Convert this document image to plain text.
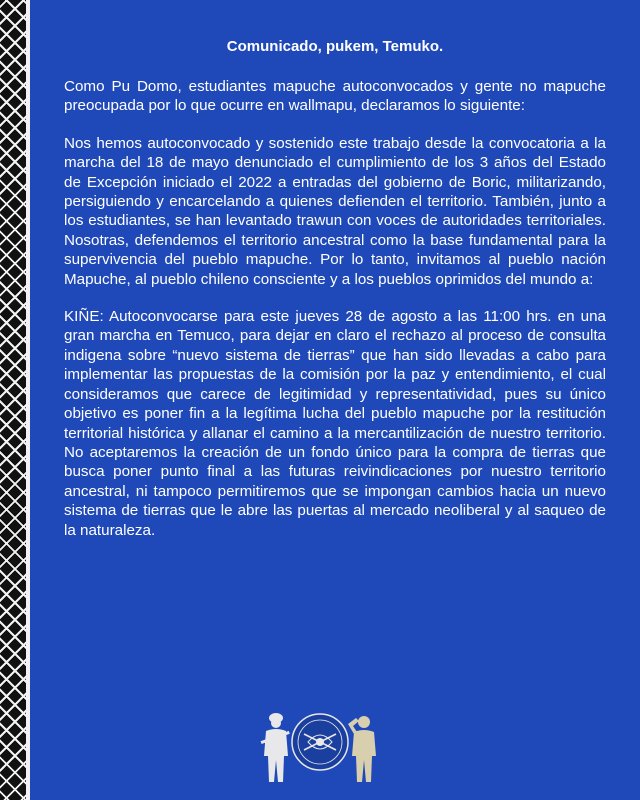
Comunicado, pukem, Temuko.

Como Pu Domo, estudiantes mapuche autoconvocados y gente no mapuche preocupada por lo que ocurre en wallmapu, declaramos lo siguiente:

Nos hemos autoconvocado y sostenido este trabajo desde la convocatoria a la marcha del 18 de mayo denunciado el cumplimiento de los 3 años del Estado de Excepción iniciado el 2022 a entradas del gobierno de Boric, militarizando, persiguiendo y encarcelando a quienes defienden el territorio. También, junto a los estudiantes, se han levantado trawun con voces de autoridades territoriales. Nosotras, defendemos el territorio ancestral como la base fundamental para la supervivencia del pueblo mapuche. Por lo tanto, invitamos al pueblo nación Mapuche, al pueblo chileno consciente y a los pueblos oprimidos del mundo a:

KIÑE: Autoconvocarse para este jueves 28 de agosto a las 11:00 hrs. en una gran marcha en Temuco, para dejar en claro el rechazo al proceso de consulta indigena sobre “nuevo sistema de tierras” que han sido llevadas a cabo para implementar las propuestas de la comisión por la paz y entendimiento, el cual consideramos que carece de legitimidad y representatividad, pues su único objetivo es poner fin a la legítima lucha del pueblo mapuche por la restitución territorial histórica y allanar el camino a la mercantilización de nuestro territorio. No aceptaremos la creación de un fondo único para la compra de tierras que busca poner punto final a las futuras reivindicaciones por nuestro territorio ancestral, ni tampoco permitiremos que se impongan cambios hacia un nuevo sistema de tierras que le abre las puertas al mercado neoliberal y al saqueo de la naturaleza.
